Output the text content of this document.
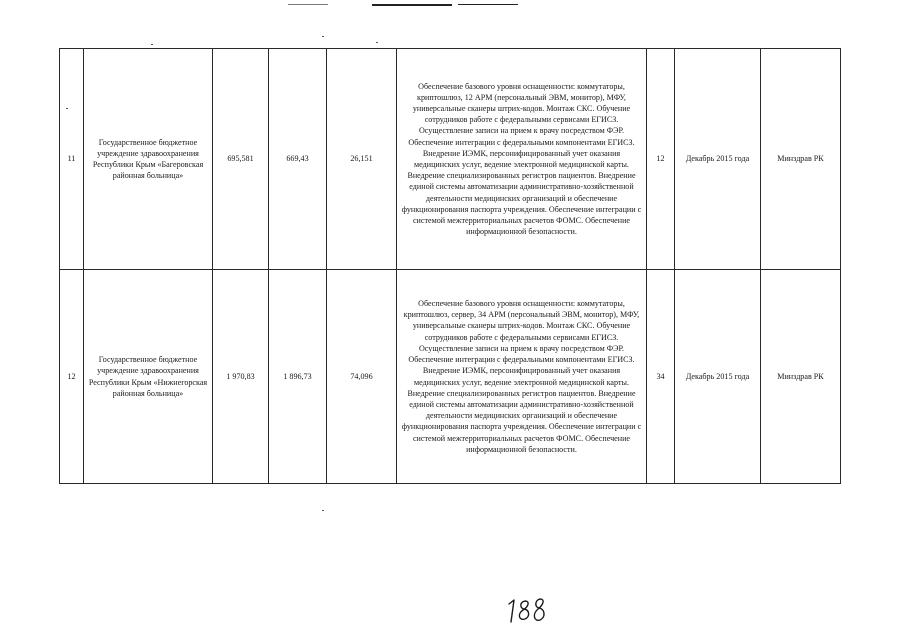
11	Государственное бюджетное учреждение здравоохранения Республики Крым «Багеровская районная больница»	695,581	669,43	26,151	Обеспечение базового уровня оснащенности: коммутаторы, криптошлюз, 12 АРМ (персональный ЭВМ, монитор), МФУ, универсальные сканеры штрих-кодов. Монтаж СКС. Обучение сотрудников работе с федеральными сервисами ЕГИСЗ. Осуществление записи на прием к врачу посредством ФЭР. Обеспечение интеграции с федеральными компонентами ЕГИСЗ. Внедрение ИЭМК, персонифицированный учет оказания медицинских услуг, ведение электронной медицинской карты. Внедрение специализированных регистров пациентов. Внедрение единой системы автоматизации административно-хозяйственной деятельности медицинских организаций и обеспечение функционирования паспорта учреждения. Обеспечение интеграции с системой межтерриториальных расчетов ФОМС. Обеспечение информационной безопасности.	12	Декабрь 2015 года	Минздрав РК
12	Государственное бюджетное учреждение здравоохранения Республики Крым «Нижнегорская районная больница»	1 970,83	1 896,73	74,096	Обеспечение базового уровня оснащенности: коммутаторы, криптошлюз, сервер, 34 АРМ (персональный ЭВМ, монитор), МФУ, универсальные сканеры штрих-кодов. Монтаж СКС. Обучение сотрудников работе с федеральными сервисами ЕГИСЗ. Осуществление записи на прием к врачу посредством ФЭР. Обеспечение интеграции с федеральными компонентами ЕГИСЗ. Внедрение ИЭМК, персонифицированный учет оказания медицинских услуг, ведение электронной медицинской карты. Внедрение специализированных регистров пациентов. Внедрение единой системы автоматизации административно-хозяйственной деятельности медицинских организаций и обеспечение функционирования паспорта учреждения. Обеспечение интеграции с системой межтерриториальных расчетов ФОМС. Обеспечение информационной безопасности.	34	Декабрь 2015 года	Минздрав РК
